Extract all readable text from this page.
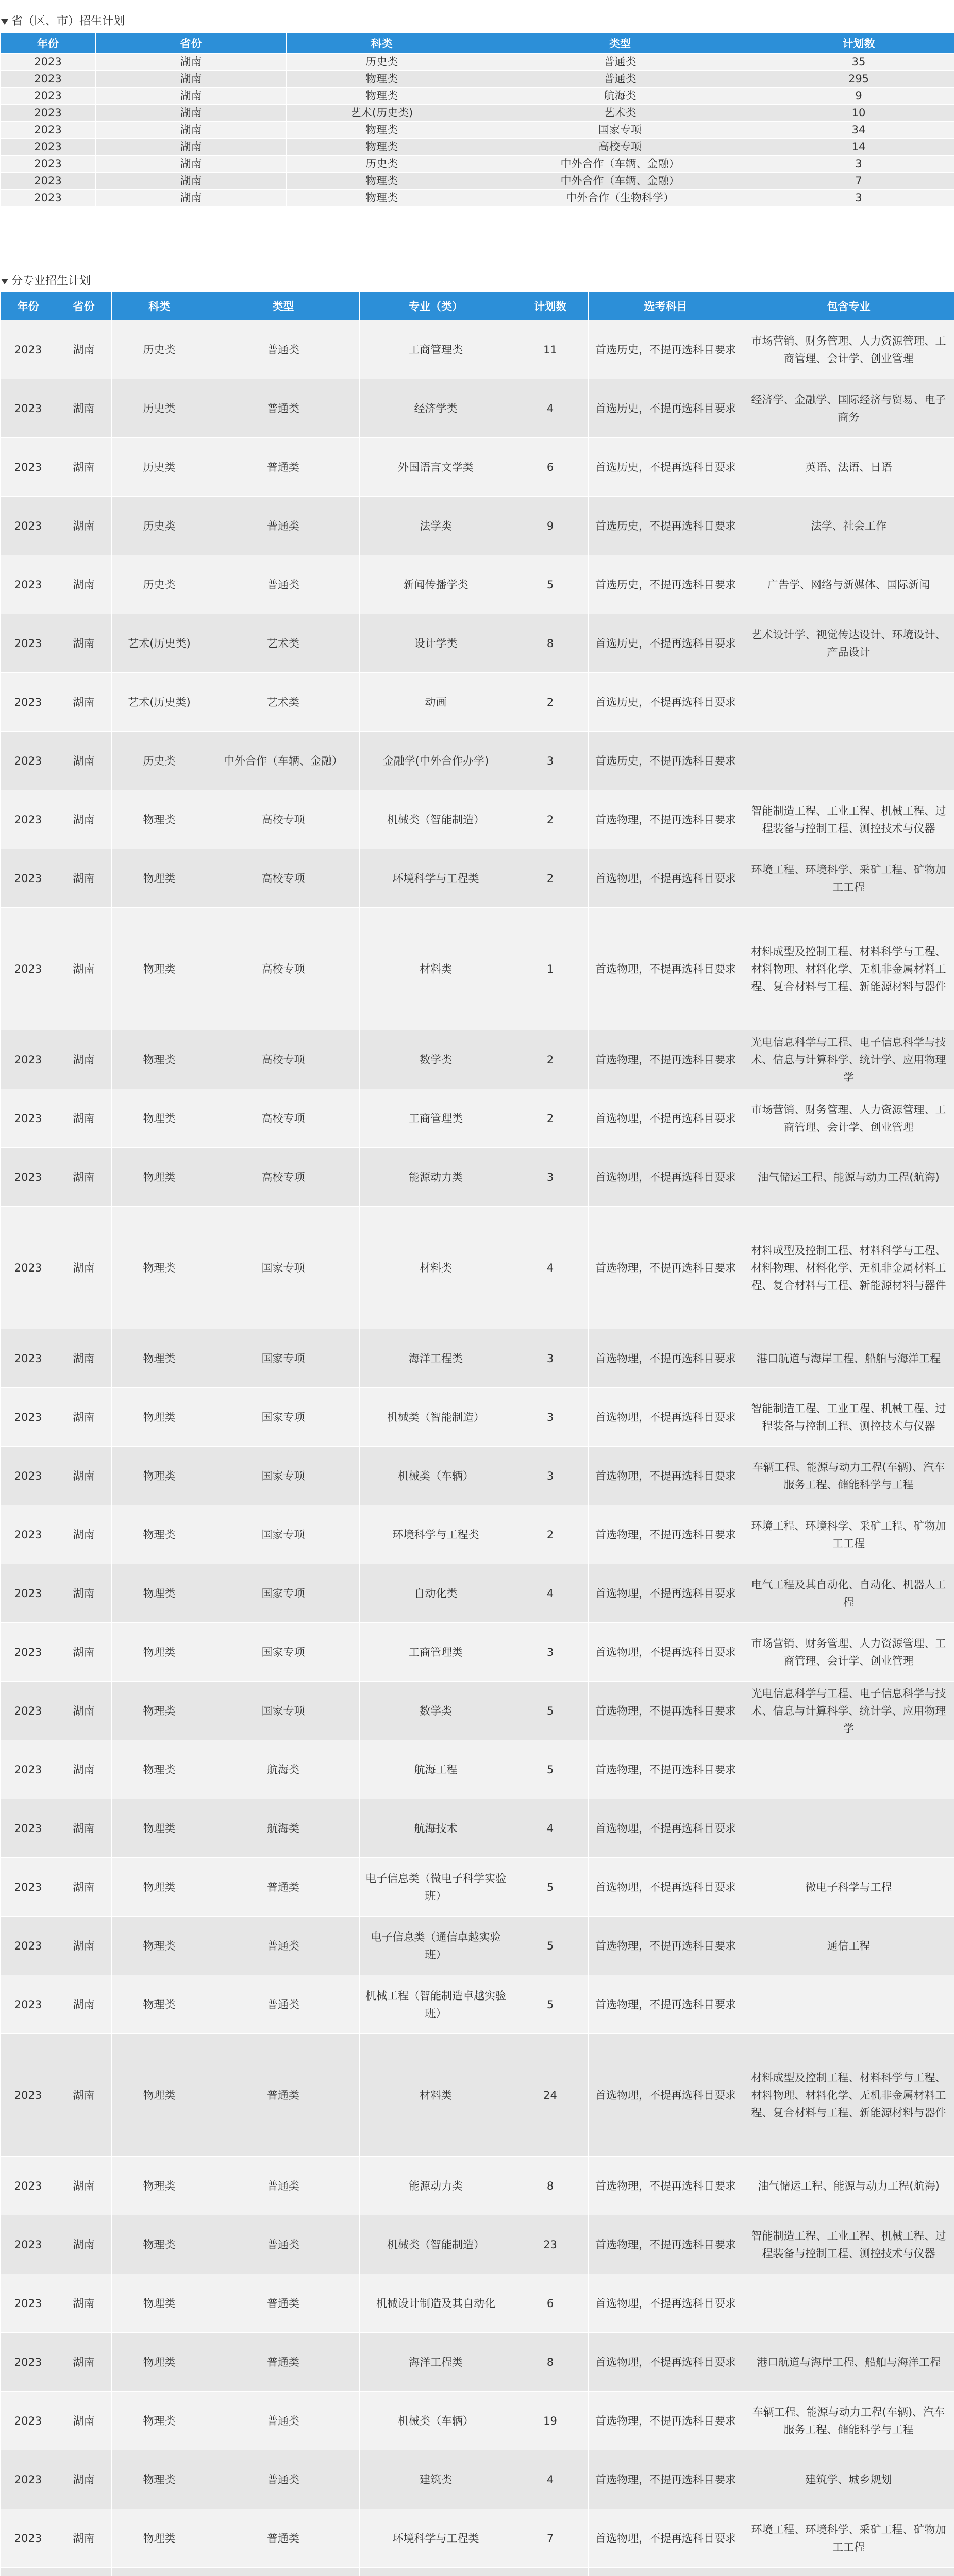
省（区、市）招生计划
年份	省份	科类	类型	计划数
2023	湖南	历史类	普通类	35
2023	湖南	物理类	普通类	295
2023	湖南	物理类	航海类	9
2023	湖南	艺术(历史类)	艺术类	10
2023	湖南	物理类	国家专项	34
2023	湖南	物理类	高校专项	14
2023	湖南	历史类	中外合作（车辆、金融）	3
2023	湖南	物理类	中外合作（车辆、金融）	7
2023	湖南	物理类	中外合作（生物科学）	3
分专业招生计划
年份	省份	科类	类型	专业（类）	计划数	选考科目	包含专业
2023	湖南	历史类	普通类	工商管理类	11	首选历史，不提再选科目要求	市场营销、财务管理、人力资源管理、工商管理、会计学、创业管理
2023	湖南	历史类	普通类	经济学类	4	首选历史，不提再选科目要求	经济学、金融学、国际经济与贸易、电子商务
2023	湖南	历史类	普通类	外国语言文学类	6	首选历史，不提再选科目要求	英语、法语、日语
2023	湖南	历史类	普通类	法学类	9	首选历史，不提再选科目要求	法学、社会工作
2023	湖南	历史类	普通类	新闻传播学类	5	首选历史，不提再选科目要求	广告学、网络与新媒体、国际新闻
2023	湖南	艺术(历史类)	艺术类	设计学类	8	首选历史，不提再选科目要求	艺术设计学、视觉传达设计、环境设计、产品设计
2023	湖南	艺术(历史类)	艺术类	动画	2	首选历史，不提再选科目要求	
2023	湖南	历史类	中外合作（车辆、金融）	金融学(中外合作办学)	3	首选历史，不提再选科目要求	
2023	湖南	物理类	高校专项	机械类（智能制造）	2	首选物理，不提再选科目要求	智能制造工程、工业工程、机械工程、过程装备与控制工程、测控技术与仪器
2023	湖南	物理类	高校专项	环境科学与工程类	2	首选物理，不提再选科目要求	环境工程、环境科学、采矿工程、矿物加工工程
2023	湖南	物理类	高校专项	材料类	1	首选物理，不提再选科目要求	材料成型及控制工程、材料科学与工程、材料物理、材料化学、无机非金属材料工程、复合材料与工程、新能源材料与器件
2023	湖南	物理类	高校专项	数学类	2	首选物理，不提再选科目要求	光电信息科学与工程、电子信息科学与技术、信息与计算科学、统计学、应用物理学
2023	湖南	物理类	高校专项	工商管理类	2	首选物理，不提再选科目要求	市场营销、财务管理、人力资源管理、工商管理、会计学、创业管理
2023	湖南	物理类	高校专项	能源动力类	3	首选物理，不提再选科目要求	油气储运工程、能源与动力工程(航海)
2023	湖南	物理类	国家专项	材料类	4	首选物理，不提再选科目要求	材料成型及控制工程、材料科学与工程、材料物理、材料化学、无机非金属材料工程、复合材料与工程、新能源材料与器件
2023	湖南	物理类	国家专项	海洋工程类	3	首选物理，不提再选科目要求	港口航道与海岸工程、船舶与海洋工程
2023	湖南	物理类	国家专项	机械类（智能制造）	3	首选物理，不提再选科目要求	智能制造工程、工业工程、机械工程、过程装备与控制工程、测控技术与仪器
2023	湖南	物理类	国家专项	机械类（车辆）	3	首选物理，不提再选科目要求	车辆工程、能源与动力工程(车辆)、汽车服务工程、储能科学与工程
2023	湖南	物理类	国家专项	环境科学与工程类	2	首选物理，不提再选科目要求	环境工程、环境科学、采矿工程、矿物加工工程
2023	湖南	物理类	国家专项	自动化类	4	首选物理，不提再选科目要求	电气工程及其自动化、自动化、机器人工程
2023	湖南	物理类	国家专项	工商管理类	3	首选物理，不提再选科目要求	市场营销、财务管理、人力资源管理、工商管理、会计学、创业管理
2023	湖南	物理类	国家专项	数学类	5	首选物理，不提再选科目要求	光电信息科学与工程、电子信息科学与技术、信息与计算科学、统计学、应用物理学
2023	湖南	物理类	航海类	航海工程	5	首选物理，不提再选科目要求	
2023	湖南	物理类	航海类	航海技术	4	首选物理，不提再选科目要求	
2023	湖南	物理类	普通类	电子信息类（微电子科学实验班）	5	首选物理，不提再选科目要求	微电子科学与工程
2023	湖南	物理类	普通类	电子信息类（通信卓越实验班）	5	首选物理，不提再选科目要求	通信工程
2023	湖南	物理类	普通类	机械工程（智能制造卓越实验班）	5	首选物理，不提再选科目要求	
2023	湖南	物理类	普通类	材料类	24	首选物理，不提再选科目要求	材料成型及控制工程、材料科学与工程、材料物理、材料化学、无机非金属材料工程、复合材料与工程、新能源材料与器件
2023	湖南	物理类	普通类	能源动力类	8	首选物理，不提再选科目要求	油气储运工程、能源与动力工程(航海)
2023	湖南	物理类	普通类	机械类（智能制造）	23	首选物理，不提再选科目要求	智能制造工程、工业工程、机械工程、过程装备与控制工程、测控技术与仪器
2023	湖南	物理类	普通类	机械设计制造及其自动化	6	首选物理，不提再选科目要求	
2023	湖南	物理类	普通类	海洋工程类	8	首选物理，不提再选科目要求	港口航道与海岸工程、船舶与海洋工程
2023	湖南	物理类	普通类	机械类（车辆）	19	首选物理，不提再选科目要求	车辆工程、能源与动力工程(车辆)、汽车服务工程、储能科学与工程
2023	湖南	物理类	普通类	建筑类	4	首选物理，不提再选科目要求	建筑学、城乡规划
2023	湖南	物理类	普通类	环境科学与工程类	7	首选物理，不提再选科目要求	环境工程、环境科学、采矿工程、矿物加工工程
